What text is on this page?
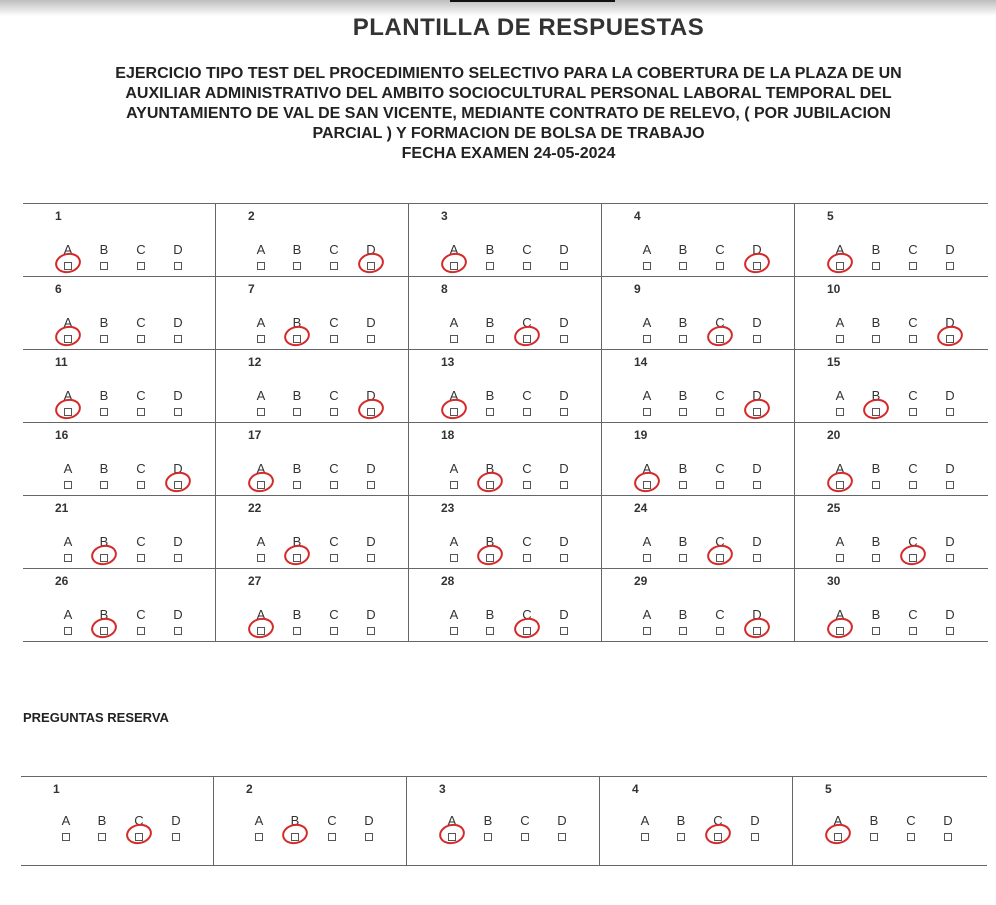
PLANTILLA DE RESPUESTAS
EJERCICIO TIPO TEST DEL PROCEDIMIENTO SELECTIVO PARA LA COBERTURA DE LA PLAZA DE UN
AUXILIAR ADMINISTRATIVO DEL AMBITO SOCIOCULTURAL PERSONAL LABORAL TEMPORAL DEL
AYUNTAMIENTO DE VAL DE SAN VICENTE, MEDIANTE CONTRATO DE RELEVO, ( POR JUBILACION
PARCIAL ) Y FORMACION DE BOLSA DE TRABAJO
FECHA EXAMEN 24-05-2024
1
A B C D
2
A B C D
3
A B C D
4
A B C D
5
A B C D
6
A B C D
7
A B C D
8
A B C D
9
A B C D
10
A B C D
11
A B C D
12
A B C D
13
A B C D
14
A B C D
15
A B C D
16
A B C D
17
A B C D
18
A B C D
19
A B C D
20
A B C D
21
A B C D
22
A B C D
23
A B C D
24
A B C D
25
A B C D
26
A B C D
27
A B C D
28
A B C D
29
A B C D
30
A B C D
PREGUNTAS RESERVA
1
A B C D
2
A B C D
3
A B C D
4
A B C D
5
A B C D
